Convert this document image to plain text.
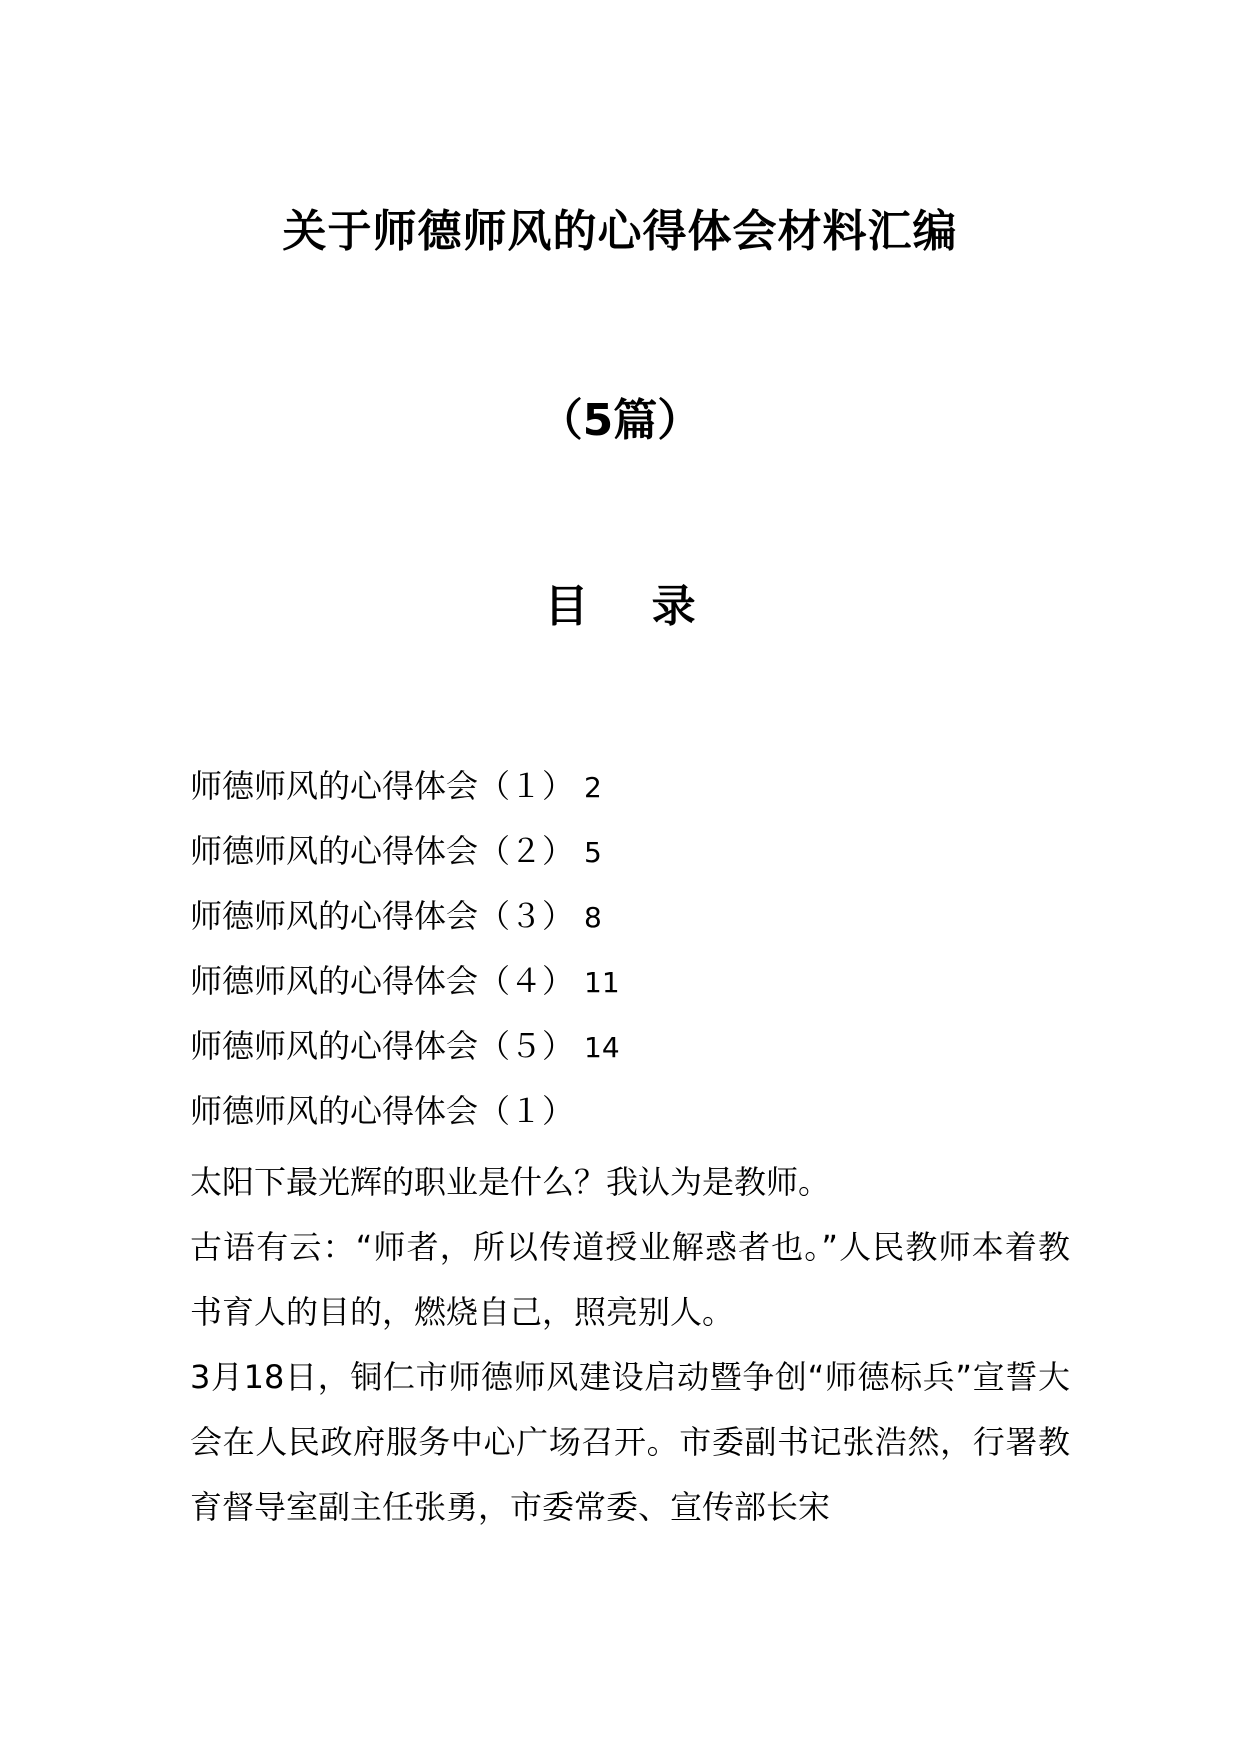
关于师德师风的心得体会材料汇编
（5篇）
目 录
师德师风的心得体会（１） 2
师德师风的心得体会（２） 5
师德师风的心得体会（３） 8
师德师风的心得体会（４） 11
师德师风的心得体会（５） 14
师德师风的心得体会（１）

太阳下最光辉的职业是什么？我认为是教师。

古语有云：“师者，所以传道授业解惑者也。”人民教师本着教书育人的目的，燃烧自己，照亮别人。

3月18日，铜仁市师德师风建设启动暨争创“师德标兵”宣誓大会在人民政府服务中心广场召开。市委副书记张浩然，行署教育督导室副主任张勇，市委常委、宣传部长宋
